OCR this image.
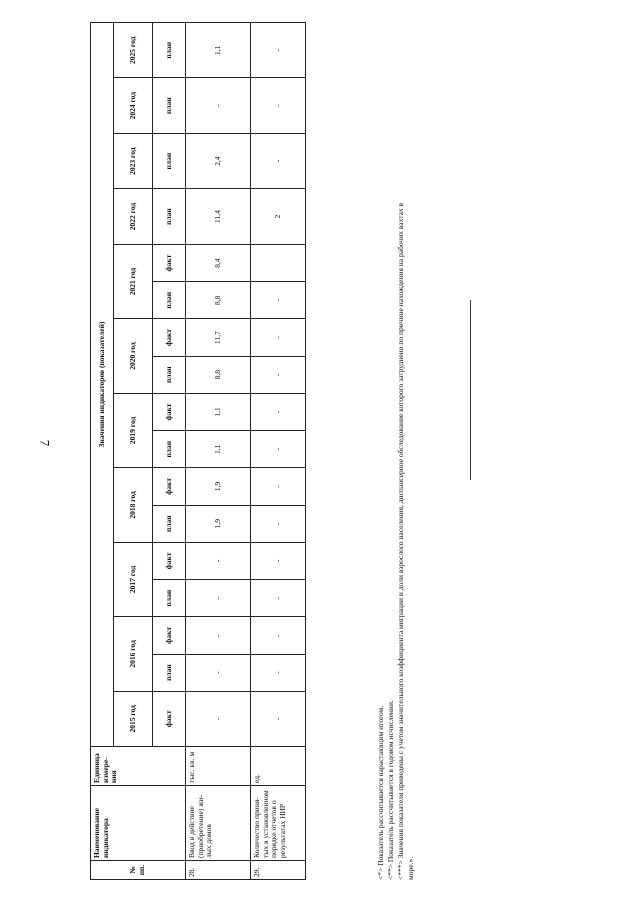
7
№ пп.	Наименование индикатора	Единица измере-ния	Значения индикаторов (показателей)																
			2015 год	2016 год		2017 год		2018 год		2019 год		2020 год		2021 год		2022 год	2023 год	2024 год	2025 год
			факт	план	факт	план	факт	план	факт	план	факт	план	факт	план	факт	план	план	план	план
28.	Ввод в действие (приобретение) жи-лых домов	тыс. кв. м	-	-	-	-	-	1,9	1,9	1,1	1,1	8,8	11,7	8,8	8,4	11,4	2,4	-	1,1
29.	Количество приня-тых в установленном порядке отчетов о результатах НИР	ед.	-	-	-	-	-	-	-	-	-	-	-	-		2	-	-	-

<*> Показатель рассчитывается нарастающим итогом. <**> Показатель рассчитывается в годовом исчислении. <***> Значения показателя приведены с учетом значительного коэффициента миграции и доли взрослого населения, диспансерное обследование которого затруднено по причине нахождения на рабочих вахтах в море.».
